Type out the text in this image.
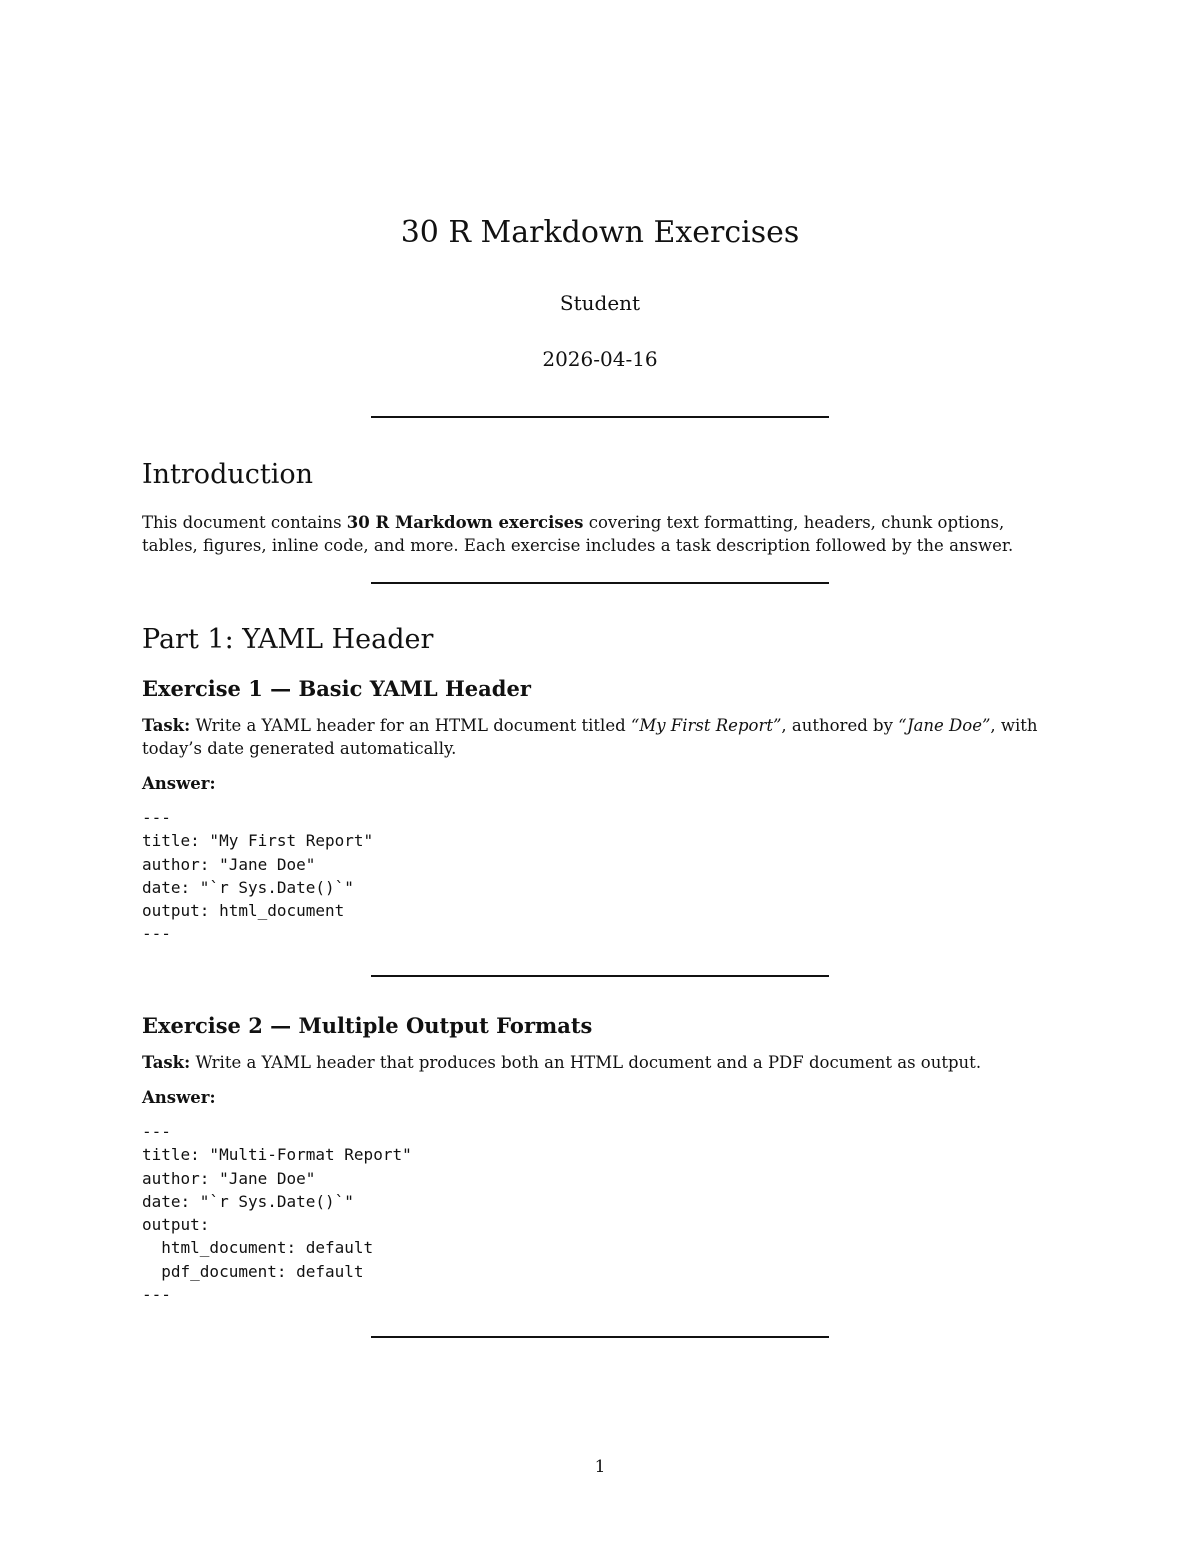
30 R Markdown Exercises

Student

2026-04-16

Introduction

This document contains 30 R Markdown exercises covering text formatting, headers, chunk options, tables, figures, inline code, and more. Each exercise includes a task description followed by the answer.

Part 1: YAML Header
Exercise 1 — Basic YAML Header

Task: Write a YAML header for an HTML document titled “My First Report”, authored by “Jane Doe”, with today’s date generated automatically.

Answer:

---
title: "My First Report"
author: "Jane Doe"
date: "`r Sys.Date()`"
output: html_document
---
Exercise 2 — Multiple Output Formats

Task: Write a YAML header that produces both an HTML document and a PDF document as output.

Answer:

---
title: "Multi-Format Report"
author: "Jane Doe"
date: "`r Sys.Date()`"
output:
html_document: default
pdf_document: default
---

1
